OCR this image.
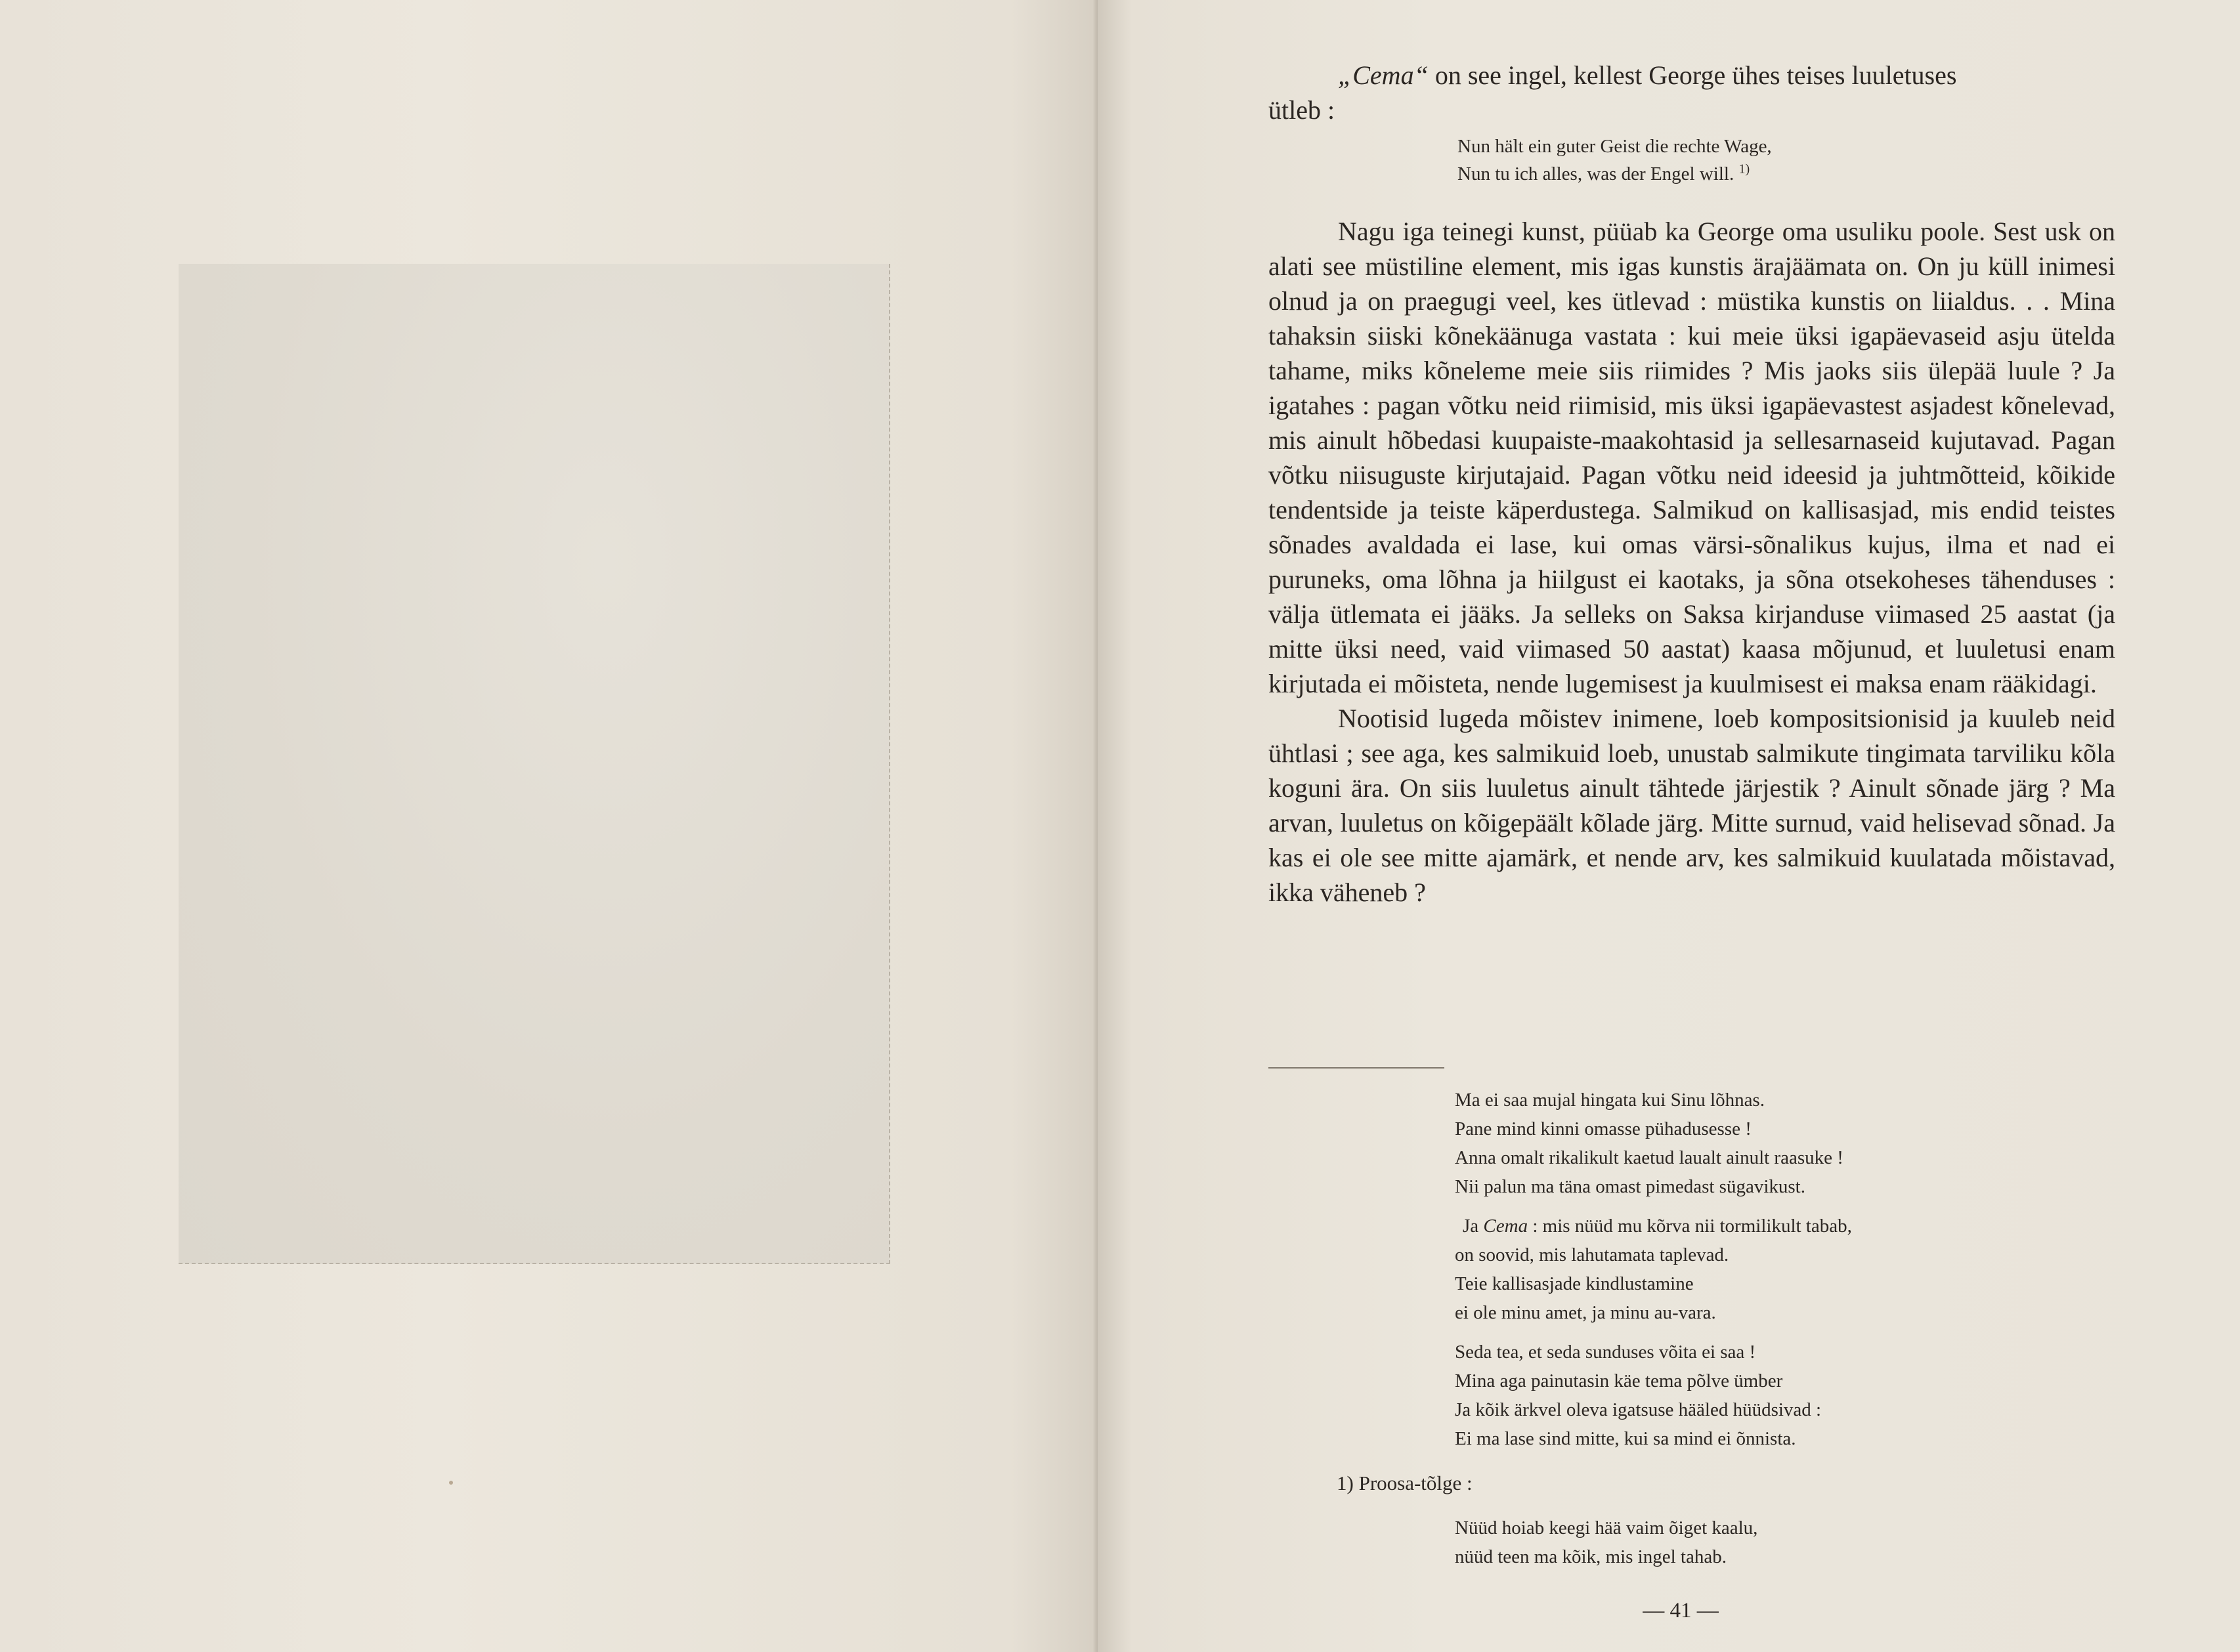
„Cema“ on see ingel, kellest George ühes teises luuletuses
ütleb :

Nun hält ein guter Geist die rechte Wage,
Nun tu ich alles, was der Engel will. $^{1)}$

Nagu iga teinegi kunst, püüab ka George oma usuliku poole. Sest usk on alati see müstiline element, mis igas kunstis ärajäämata on. On ju küll inimesi olnud ja on praegugi veel, kes ütlevad : müstika kunstis on liialdus. . . Mina tahaksin siiski kõnekäänuga vastata : kui meie üksi igapäevaseid asju ütelda tahame, miks kõneleme meie siis riimides ? Mis jaoks siis ülepää luule ? Ja igatahes : pagan võtku neid riimisid, mis üksi igapäevastest asjadest kõnelevad, mis ainult hõbedasi kuupaiste-maakohtasid ja sellesarnaseid kujutavad. Pagan võtku niisuguste kirjutajaid. Pagan võtku neid ideesid ja juhtmõtteid, kõikide tendentside ja teiste käperdustega. Salmikud on kallisasjad, mis endid teistes sõnades avaldada ei lase, kui omas värsi-sõnalikus kujus, ilma et nad ei puruneks, oma lõhna ja hiilgust ei kaotaks, ja sõna otsekoheses tähenduses : välja ütlemata ei jääks. Ja selleks on Saksa kirjanduse viimased 25 aastat (ja mitte üksi need, vaid viimased 50 aastat) kaasa mõjunud, et luuletusi enam kirjutada ei mõisteta, nende lugemisest ja kuulmisest ei maksa enam rääkidagi.

Nootisid lugeda mõistev inimene, loeb kompositsionisid ja kuuleb neid ühtlasi ; see aga, kes salmikuid loeb, unustab salmikute tingimata tarviliku kõla koguni ära. On siis luuletus ainult tähtede järjestik ? Ainult sõnade järg ? Ma arvan, luuletus on kõigepäält kõlade järg. Mitte surnud, vaid helisevad sõnad. Ja kas ei ole see mitte ajamärk, et nende arv, kes salmikuid kuulatada mõistavad, ikka väheneb ?

Ma ei saa mujal hingata kui Sinu lõhnas.
Pane mind kinni omasse pühadusesse !
Anna omalt rikalikult kaetud laualt ainult raasuke !
Nii palun ma täna omast pimedast sügavikust.
Ja Cema : mis nüüd mu kõrva nii tormilikult tabab,
on soovid, mis lahutamata taplevad.
Teie kallisasjade kindlustamine
ei ole minu amet, ja minu au-vara.
Seda tea, et seda sunduses võita ei saa !
Mina aga painutasin käe tema põlve ümber
Ja kõik ärkvel oleva igatsuse hääled hüüdsivad :
Ei ma lase sind mitte, kui sa mind ei õnnista.
1) Proosa-tõlge :
Nüüd hoiab keegi hää vaim õiget kaalu,
nüüd teen ma kõik, mis ingel tahab.
— 41 —
